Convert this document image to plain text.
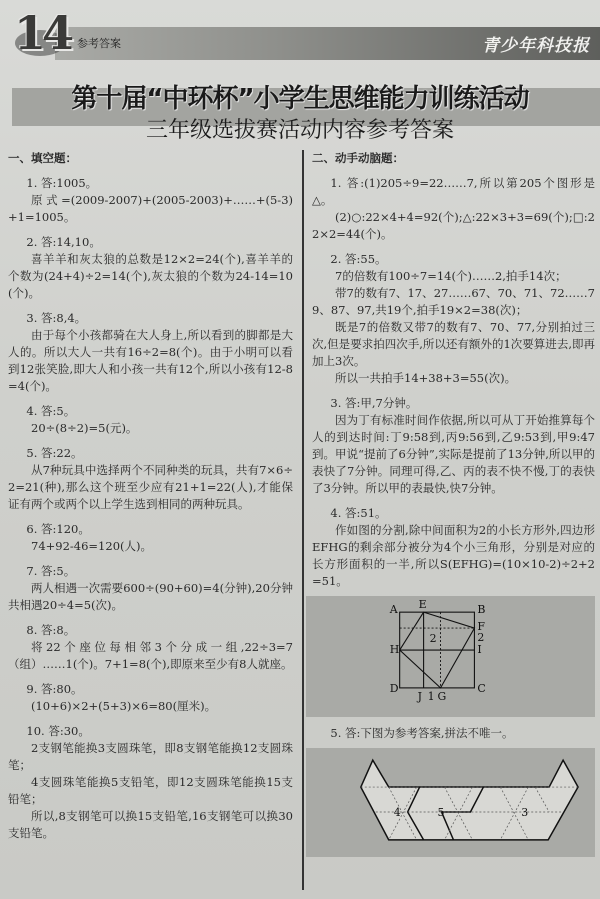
14 参考答案	青少年科技报
第十届“中环杯”小学生思维能力训练活动
三年级选拔赛活动内容参考答案
一、填空题：

1. 答:1005。

原式=(2009-2007)+(2005-2003)+……+(5-3)+1=1005。

2. 答:14,10。

喜羊羊和灰太狼的总数是12×2=24(个),喜羊羊的个数为(24+4)÷2=14(个),灰太狼的个数为24-14=10(个)。

3. 答:8,4。

由于每个小孩都骑在大人身上,所以看到的脚都是大人的。所以大人一共有16÷2=8(个)。由于小明可以看到12张笑脸,即大人和小孩一共有12个,所以小孩有12-8=4(个)。

4. 答:5。

20÷(8÷2)=5(元)。

5. 答:22。

从7种玩具中选择两个不同种类的玩具，共有7×6÷2=21(种),那么这个班至少应有21+1=22(人),才能保证有两个或两个以上学生选到相同的两种玩具。

6. 答:120。

74+92-46=120(人)。

7. 答:5。

两人相遇一次需要600÷(90+60)=4(分钟),20分钟共相遇20÷4=5(次)。

8. 答:8。

将22个座位每相邻3个分成一组,22÷3=7（组）……1(个)。7+1=8(个),即原来至少有8人就座。

9. 答:80。

(10+6)×2+(5+3)×6=80(厘米)。

10. 答:30。

2支钢笔能换3支圆珠笔，即8支钢笔能换12支圆珠笔；

4支圆珠笔能换5支铅笔，即12支圆珠笔能换15支铅笔；

所以,8支钢笔可以换15支铅笔,16支钢笔可以换30支铅笔。

二、动手动脑题：

1. 答:(1)205÷9=22……7,所以第205个图形是△。

(2)○:22×4+4=92(个);△:22×3+3=69(个);□:22×2=44(个)。

2. 答:55。

7的倍数有100÷7=14(个)……2,拍手14次；

带7的数有7、17、27……67、70、71、72……79、87、97,共19个,拍手19×2=38(次)；

既是7的倍数又带7的数有7、70、77,分别拍过三次,但是要求拍四次手,所以还有额外的1次要算进去,即再加上3次。

所以一共拍手14+38+3=55(次)。

3. 答:甲,7分钟。

因为丁有标准时间作依据,所以可从丁开始推算每个人的到达时间:丁9:58到,丙9:56到,乙9:53到,甲9:47到。甲说“提前了6分钟”,实际是提前了13分钟,所以甲的表快了7分钟。同理可得,乙、丙的表不快不慢,丁的表快了3分钟。所以甲的表最快,快7分钟。

4. 答:51。

作如图的分割,除中间面积为2的小长方形外,四边形EFHG的剩余部分被分为4个小三角形，分别是对应的长方形面积的一半,所以S(EFHG)=(10×10-2)÷2+2=51。

A E	B
F
2	2
H	I
D
J 1 G
C

5. 答:下图为参考答案,拼法不唯一。

4	5	3
